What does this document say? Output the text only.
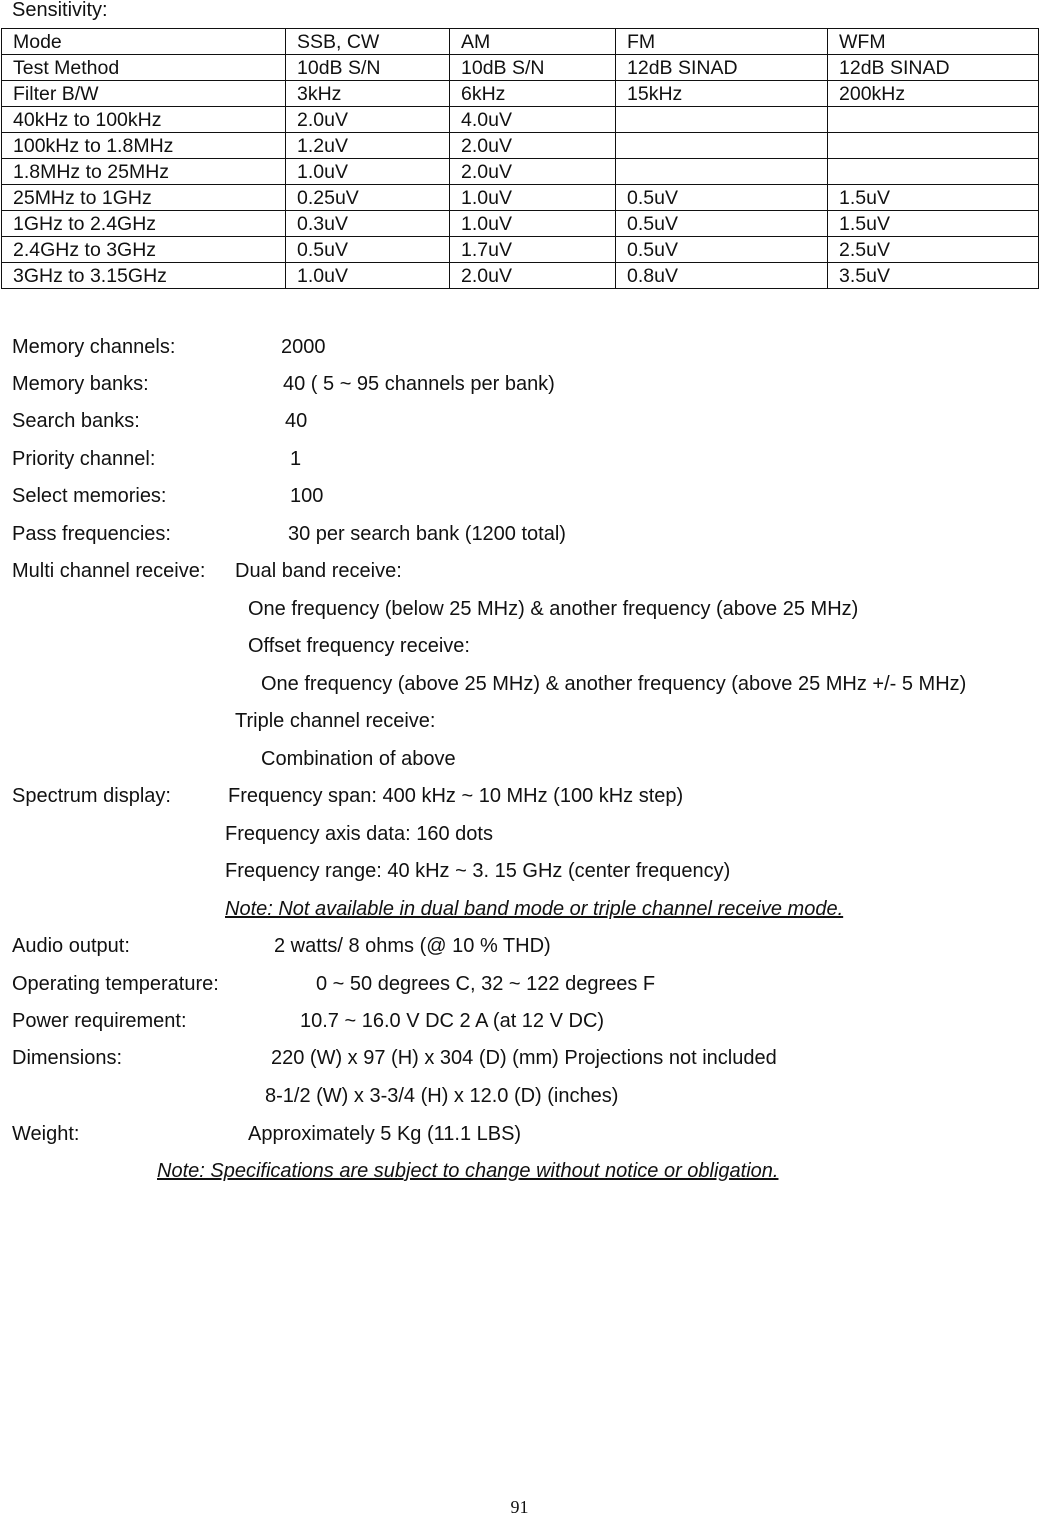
Sensitivity:
Mode	SSB, CW	AM	FM	WFM
Test Method	10dB S/N	10dB S/N	12dB SINAD	12dB SINAD
Filter B/W	3kHz	6kHz	15kHz	200kHz
40kHz to 100kHz	2.0uV	4.0uV		
100kHz to 1.8MHz	1.2uV	2.0uV		
1.8MHz to 25MHz	1.0uV	2.0uV		
25MHz to 1GHz	0.25uV	1.0uV	0.5uV	1.5uV
1GHz to 2.4GHz	0.3uV	1.0uV	0.5uV	1.5uV
2.4GHz to 3GHz	0.5uV	1.7uV	0.5uV	2.5uV
3GHz to 3.15GHz	1.0uV	2.0uV	0.8uV	3.5uV
Memory channels:	2000
Memory banks:	40 ( 5 ~ 95 channels per bank)
Search banks:	40
Priority channel:	1
Select memories:	100
Pass frequencies:	30 per search bank (1200 total)
Multi channel receive: Dual band receive:
One frequency (below 25 MHz) & another frequency (above 25 MHz)
Offset frequency receive:
One frequency (above 25 MHz) & another frequency (above 25 MHz +/- 5 MHz)
Triple channel receive:
Combination of above
Spectrum display:	Frequency span: 400 kHz ~ 10 MHz (100 kHz step)
Frequency axis data: 160 dots
Frequency range: 40 kHz ~ 3. 15 GHz (center frequency)
Note: Not available in dual band mode or triple channel receive mode.
Audio output:	2 watts/ 8 ohms (@ 10 % THD)
Operating temperature:	0 ~ 50 degrees C, 32 ~ 122 degrees F
Power requirement:	10.7 ~ 16.0 V DC 2 A (at 12 V DC)
Dimensions:	220 (W) x 97 (H) x 304 (D) (mm) Projections not included
8-1/2 (W) x 3-3/4 (H) x 12.0 (D) (inches)
Weight:	Approximately 5 Kg (11.1 LBS)
Note: Specifications are subject to change without notice or obligation.
91
